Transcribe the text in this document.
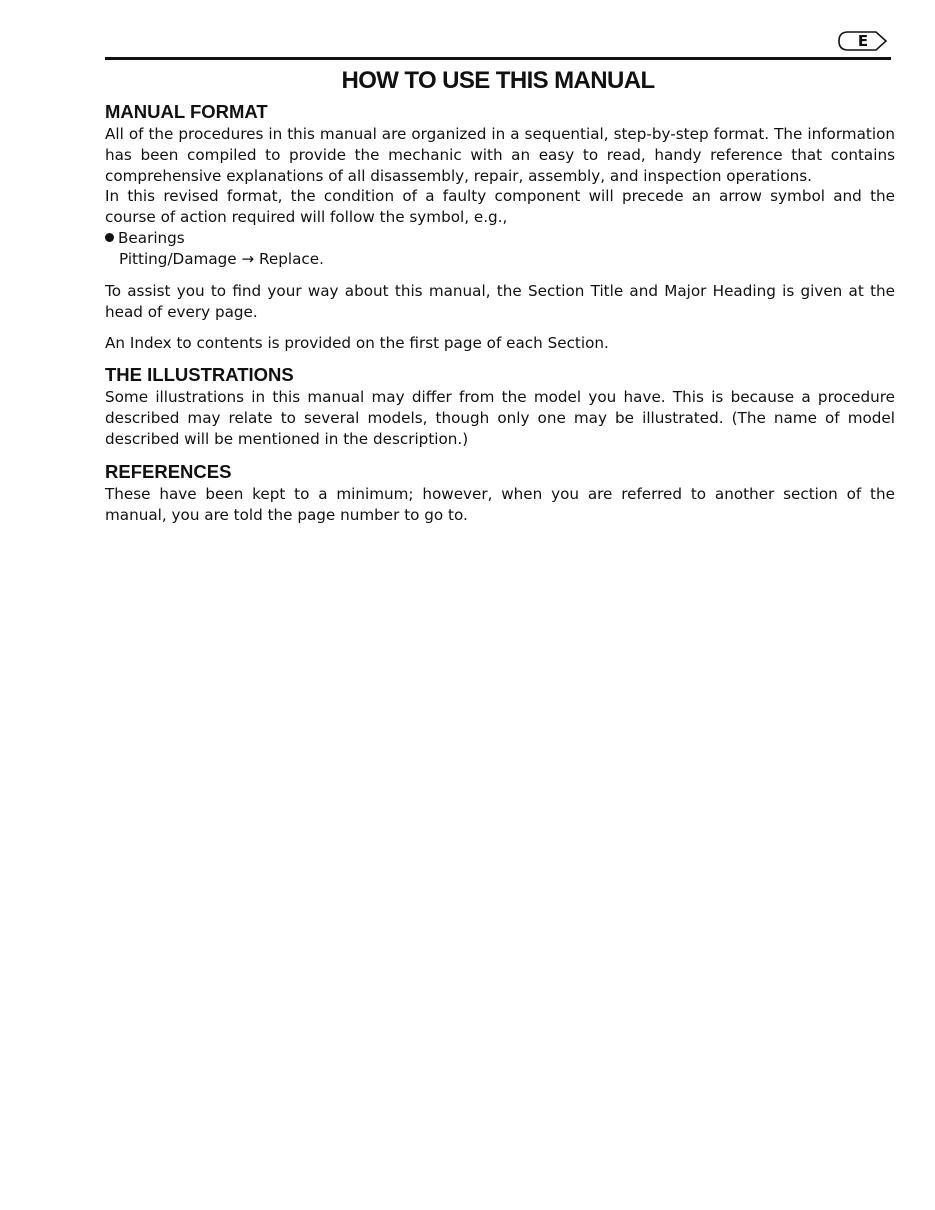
E
HOW TO USE THIS MANUAL
MANUAL FORMAT

All of the procedures in this manual are organized in a sequential, step-by-step format. The information has been compiled to provide the mechanic with an easy to read, handy reference that contains comprehensive explanations of all disassembly, repair, assembly, and inspection operations.

In this revised format, the condition of a faulty component will precede an arrow symbol and the course of action required will follow the symbol, e.g.,

Bearings
Pitting/Damage → Replace.

To assist you to find your way about this manual, the Section Title and Major Heading is given at the head of every page.

An Index to contents is provided on the first page of each Section.

THE ILLUSTRATIONS

Some illustrations in this manual may differ from the model you have. This is because a procedure described may relate to several models, though only one may be illustrated. (The name of model described will be mentioned in the description.)

REFERENCES

These have been kept to a minimum; however, when you are referred to another section of the manual, you are told the page number to go to.
